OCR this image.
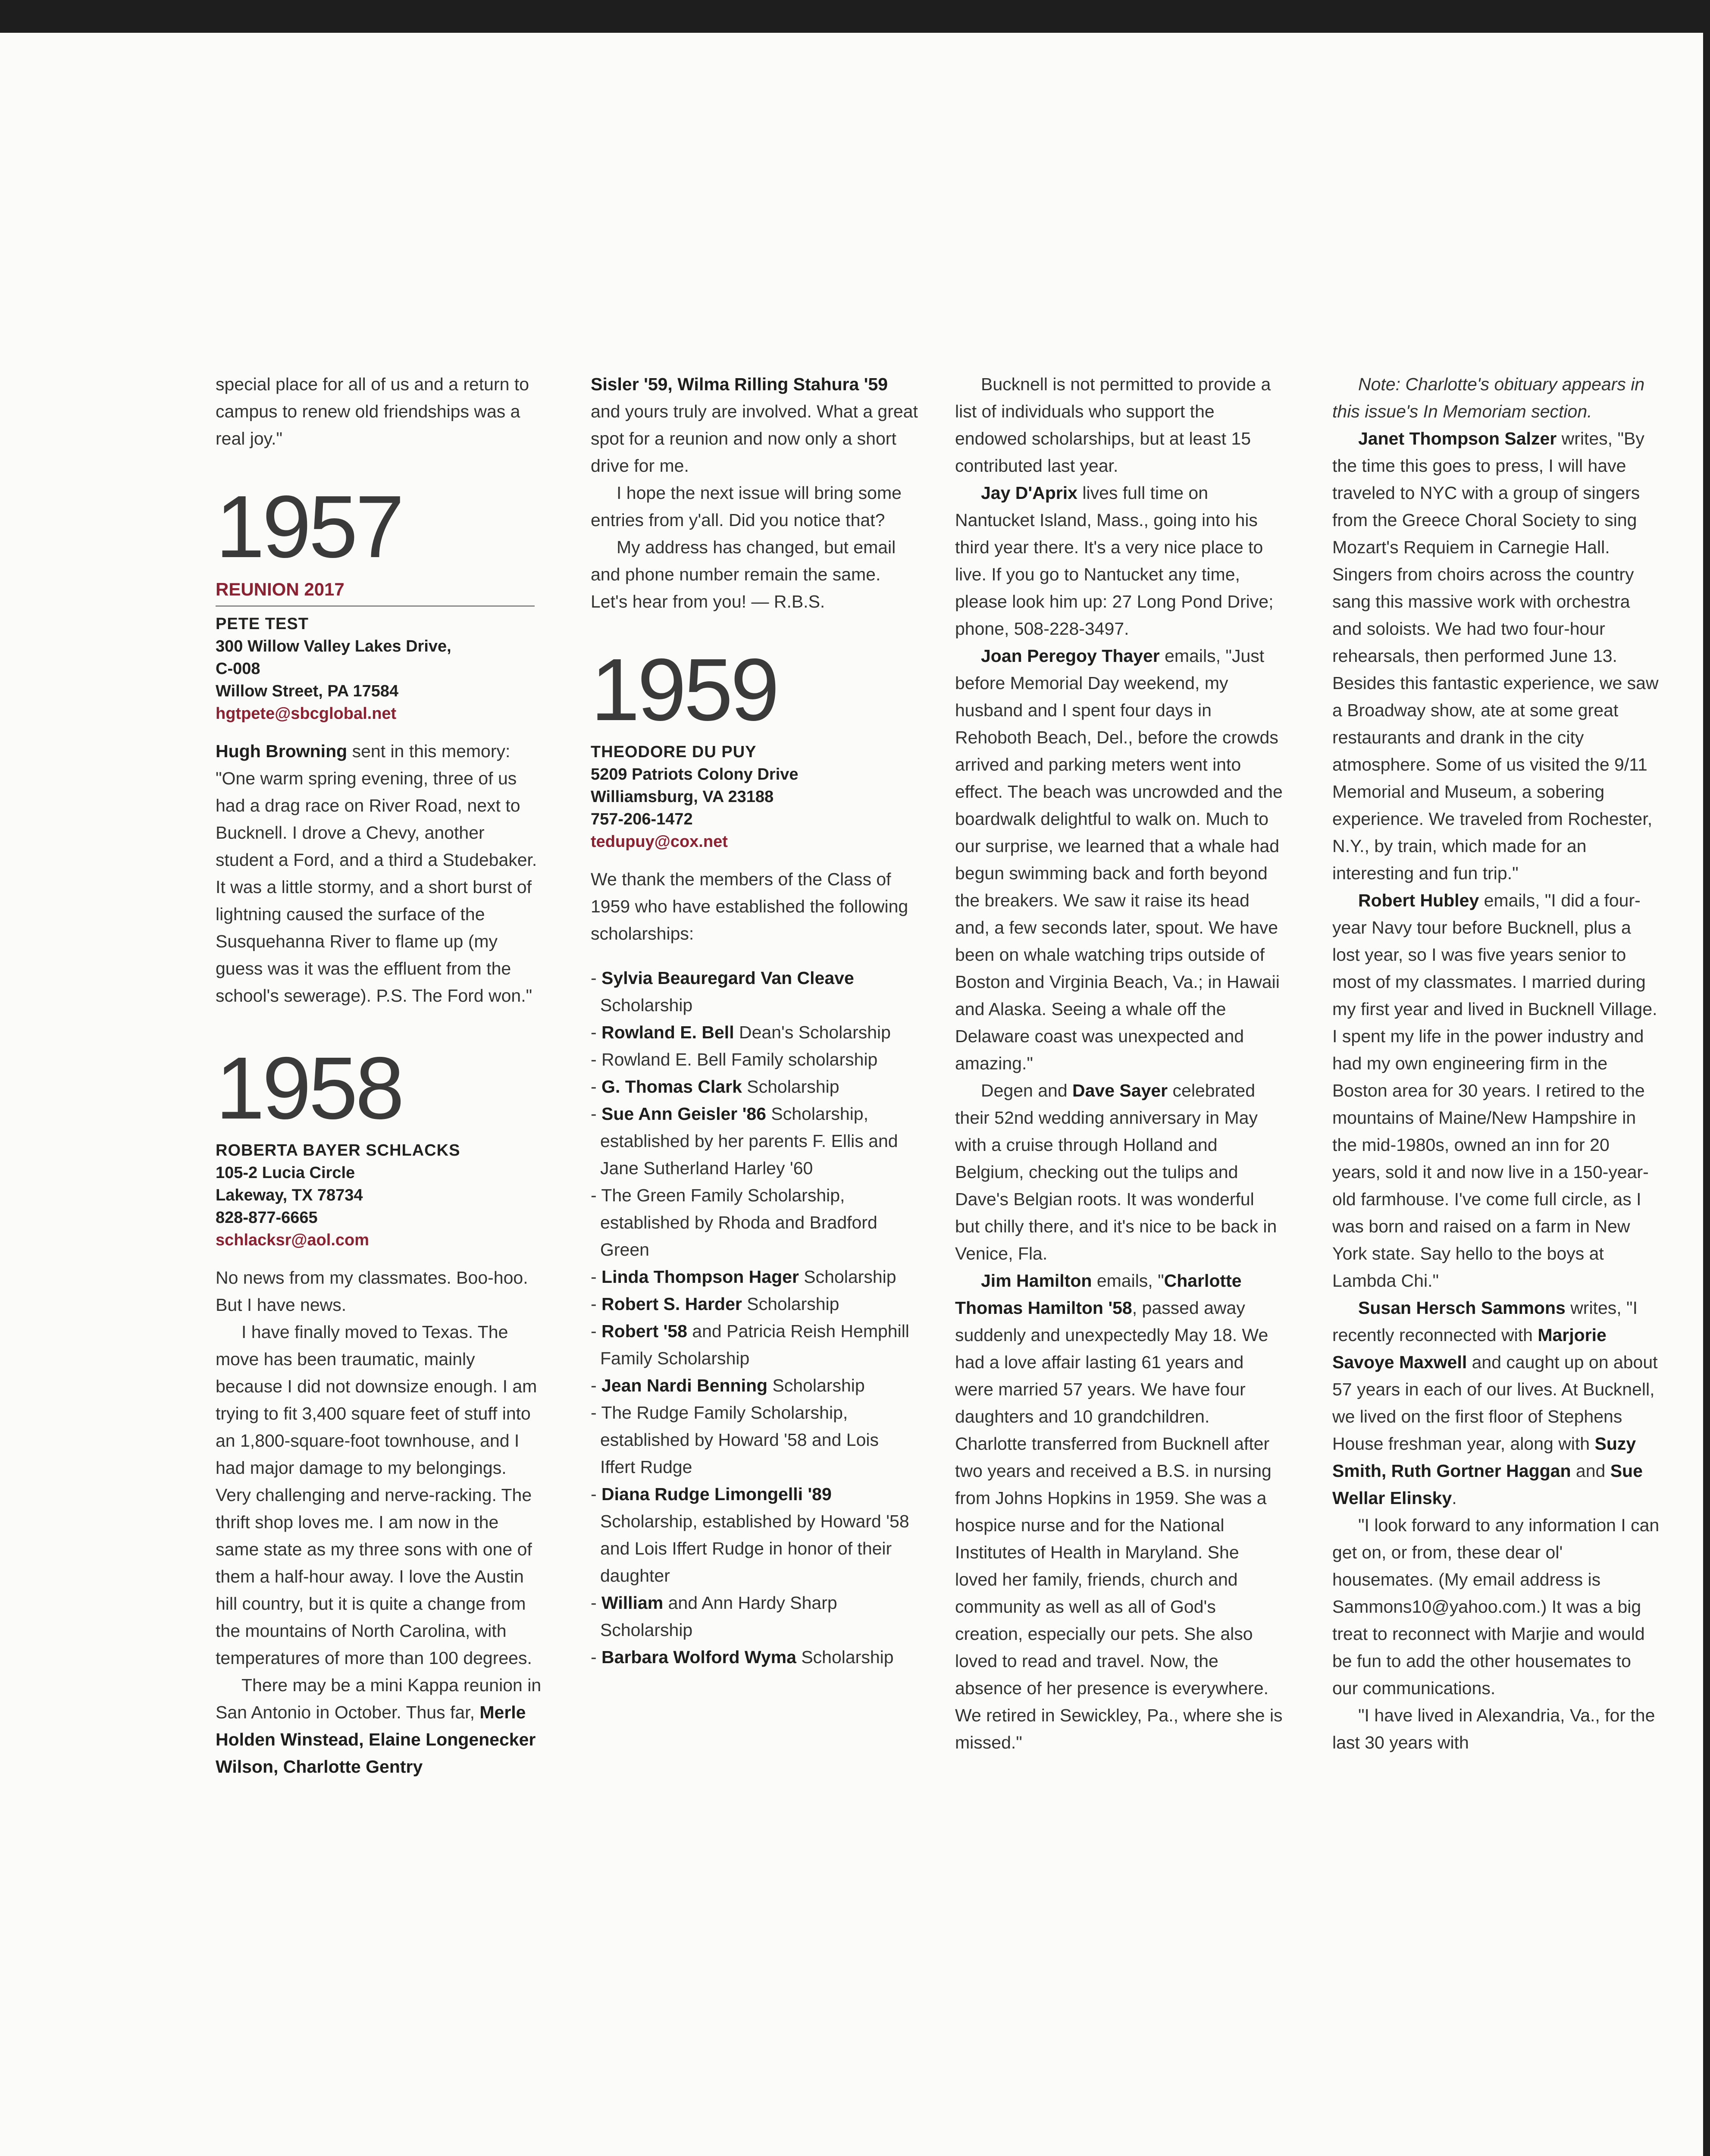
special place for all of us and a return to campus to renew old friendships was a real joy."

1957
REUNION 2017
PETE TEST
300 Willow Valley Lakes Drive,
C-008
Willow Street, PA 17584
hgtpete@sbcglobal.net

Hugh Browning sent in this memory: "One warm spring evening, three of us had a drag race on River Road, next to Bucknell. I drove a Chevy, another student a Ford, and a third a Studebaker. It was a little stormy, and a short burst of lightning caused the surface of the Susquehanna River to flame up (my guess was it was the effluent from the school's sewerage). P.S. The Ford won."

1958
ROBERTA BAYER SCHLACKS
105-2 Lucia Circle
Lakeway, TX 78734
828-877-6665
schlacksr@aol.com

No news from my classmates. Boo-hoo. But I have news.

I have finally moved to Texas. The move has been traumatic, mainly because I did not downsize enough. I am trying to fit 3,400 square feet of stuff into an 1,800-square-foot townhouse, and I had major damage to my belongings. Very challenging and nerve-racking. The thrift shop loves me. I am now in the same state as my three sons with one of them a half-hour away. I love the Austin hill country, but it is quite a change from the mountains of North Carolina, with temperatures of more than 100 degrees.

There may be a mini Kappa reunion in San Antonio in October. Thus far, Merle Holden Winstead, Elaine Longenecker Wilson, Charlotte Gentry

Sisler '59, Wilma Rilling Stahura '59 and yours truly are involved. What a great spot for a reunion and now only a short drive for me.

I hope the next issue will bring some entries from y'all. Did you notice that?

My address has changed, but email and phone number remain the same. Let's hear from you! — R.B.S.

1959
THEODORE DU PUY
5209 Patriots Colony Drive
Williamsburg, VA 23188
757-206-1472
tedupuy@cox.net

We thank the members of the Class of 1959 who have established the following scholarships:

- Sylvia Beauregard Van Cleave Scholarship
- Rowland E. Bell Dean's Scholarship
- Rowland E. Bell Family scholarship
- G. Thomas Clark Scholarship
- Sue Ann Geisler '86 Scholarship, established by her parents F. Ellis and Jane Sutherland Harley '60
- The Green Family Scholarship, established by Rhoda and Bradford Green
- Linda Thompson Hager Scholarship
- Robert S. Harder Scholarship
- Robert '58 and Patricia Reish Hemphill Family Scholarship
- Jean Nardi Benning Scholarship
- The Rudge Family Scholarship, established by Howard '58 and Lois Iffert Rudge
- Diana Rudge Limongelli '89 Scholarship, established by Howard '58 and Lois Iffert Rudge in honor of their daughter
- William and Ann Hardy Sharp Scholarship
- Barbara Wolford Wyma Scholarship

Bucknell is not permitted to provide a list of individuals who support the endowed scholarships, but at least 15 contributed last year.

Jay D'Aprix lives full time on Nantucket Island, Mass., going into his third year there. It's a very nice place to live. If you go to Nantucket any time, please look him up: 27 Long Pond Drive; phone, 508-228-3497.

Joan Peregoy Thayer emails, "Just before Memorial Day weekend, my husband and I spent four days in Rehoboth Beach, Del., before the crowds arrived and parking meters went into effect. The beach was uncrowded and the boardwalk delightful to walk on. Much to our surprise, we learned that a whale had begun swimming back and forth beyond the breakers. We saw it raise its head and, a few seconds later, spout. We have been on whale watching trips outside of Boston and Virginia Beach, Va.; in Hawaii and Alaska. Seeing a whale off the Delaware coast was unexpected and amazing."

Degen and Dave Sayer celebrated their 52nd wedding anniversary in May with a cruise through Holland and Belgium, checking out the tulips and Dave's Belgian roots. It was wonderful but chilly there, and it's nice to be back in Venice, Fla.

Jim Hamilton emails, "Charlotte Thomas Hamilton '58, passed away suddenly and unexpectedly May 18. We had a love affair lasting 61 years and were married 57 years. We have four daughters and 10 grandchildren. Charlotte transferred from Bucknell after two years and received a B.S. in nursing from Johns Hopkins in 1959. She was a hospice nurse and for the National Institutes of Health in Maryland. She loved her family, friends, church and community as well as all of God's creation, especially our pets. She also loved to read and travel. Now, the absence of her presence is everywhere. We retired in Sewickley, Pa., where she is missed."

Note: Charlotte's obituary appears in this issue's In Memoriam section.

Janet Thompson Salzer writes, "By the time this goes to press, I will have traveled to NYC with a group of singers from the Greece Choral Society to sing Mozart's Requiem in Carnegie Hall. Singers from choirs across the country sang this massive work with orchestra and soloists. We had two four-hour rehearsals, then performed June 13. Besides this fantastic experience, we saw a Broadway show, ate at some great restaurants and drank in the city atmosphere. Some of us visited the 9/11 Memorial and Museum, a sobering experience. We traveled from Rochester, N.Y., by train, which made for an interesting and fun trip."

Robert Hubley emails, "I did a four-year Navy tour before Bucknell, plus a lost year, so I was five years senior to most of my classmates. I married during my first year and lived in Bucknell Village. I spent my life in the power industry and had my own engineering firm in the Boston area for 30 years. I retired to the mountains of Maine/New Hampshire in the mid-1980s, owned an inn for 20 years, sold it and now live in a 150-year-old farmhouse. I've come full circle, as I was born and raised on a farm in New York state. Say hello to the boys at Lambda Chi."

Susan Hersch Sammons writes, "I recently reconnected with Marjorie Savoye Maxwell and caught up on about 57 years in each of our lives. At Bucknell, we lived on the first floor of Stephens House freshman year, along with Suzy Smith, Ruth Gortner Haggan and Sue Wellar Elinsky.

"I look forward to any information I can get on, or from, these dear ol' housemates. (My email address is Sammons10@yahoo.com.) It was a big treat to reconnect with Marjie and would be fun to add the other housemates to our communications.

"I have lived in Alexandria, Va., for the last 30 years with
